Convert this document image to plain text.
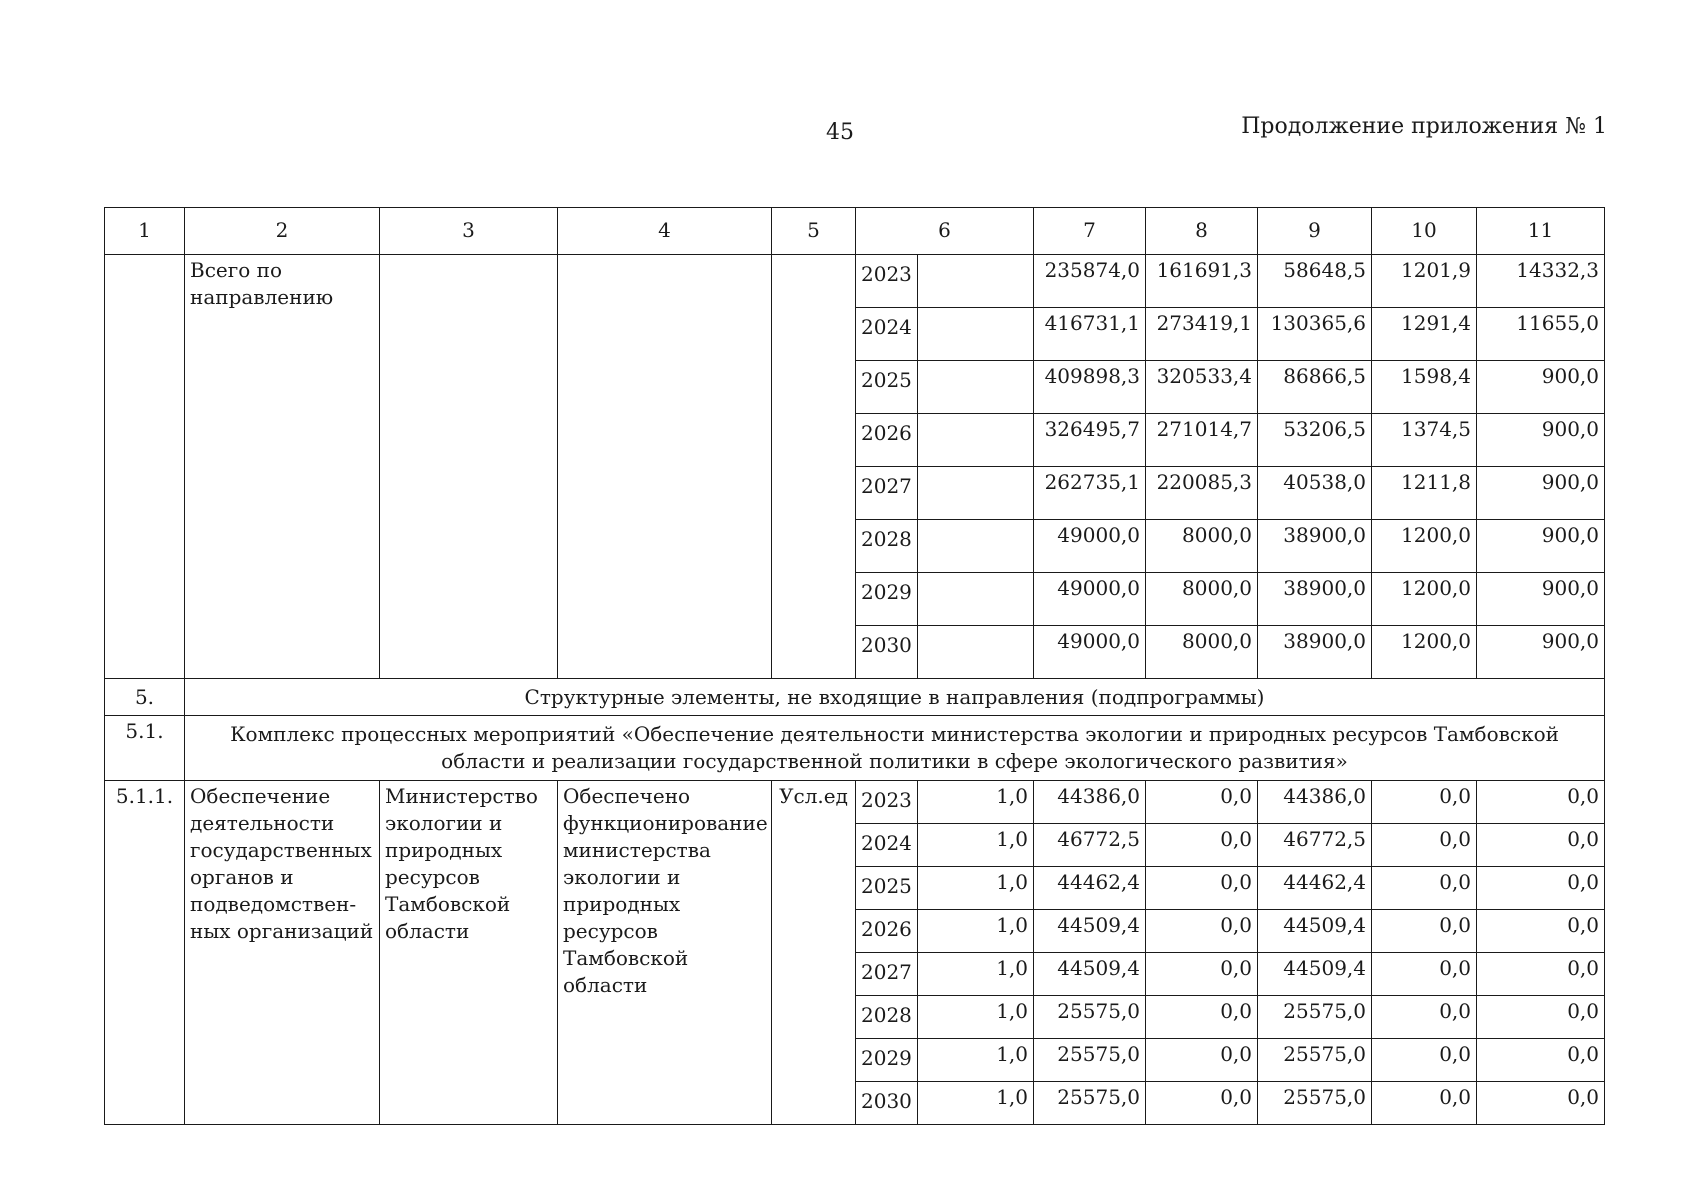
45	Продолжение приложения № 1
1	2	3	4	5	6		7	8	9	10	11
	Всего по направлению				2023		235874,0	161691,3	58648,5	1201,9	14332,3
					2024		416731,1	273419,1	130365,6	1291,4	11655,0
					2025		409898,3	320533,4	86866,5	1598,4	900,0
					2026		326495,7	271014,7	53206,5	1374,5	900,0
					2027		262735,1	220085,3	40538,0	1211,8	900,0
					2028		49000,0	8000,0	38900,0	1200,0	900,0
					2029		49000,0	8000,0	38900,0	1200,0	900,0
					2030		49000,0	8000,0	38900,0	1200,0	900,0
5.	Структурные элементы, не входящие в направления (подпрограммы)										
5.1.	Комплекс процессных мероприятий «Обеспечение деятельности министерства экологии и природных ресурсов Тамбовской области и реализации государственной политики в сфере экологического развития»										
5.1.1.	Обеспечение деятельности государственных органов и подведомствен-ных организаций	Министерство экологии и природных ресурсов Тамбовской области	Обеспечено функционирование министерства экологии и природных ресурсов Тамбовской области	Усл.ед	2023	1,0	44386,0	0,0	44386,0	0,0	0,0
					2024	1,0	46772,5	0,0	46772,5	0,0	0,0
					2025	1,0	44462,4	0,0	44462,4	0,0	0,0
					2026	1,0	44509,4	0,0	44509,4	0,0	0,0
					2027	1,0	44509,4	0,0	44509,4	0,0	0,0
					2028	1,0	25575,0	0,0	25575,0	0,0	0,0
					2029	1,0	25575,0	0,0	25575,0	0,0	0,0
					2030	1,0	25575,0	0,0	25575,0	0,0	0,0
